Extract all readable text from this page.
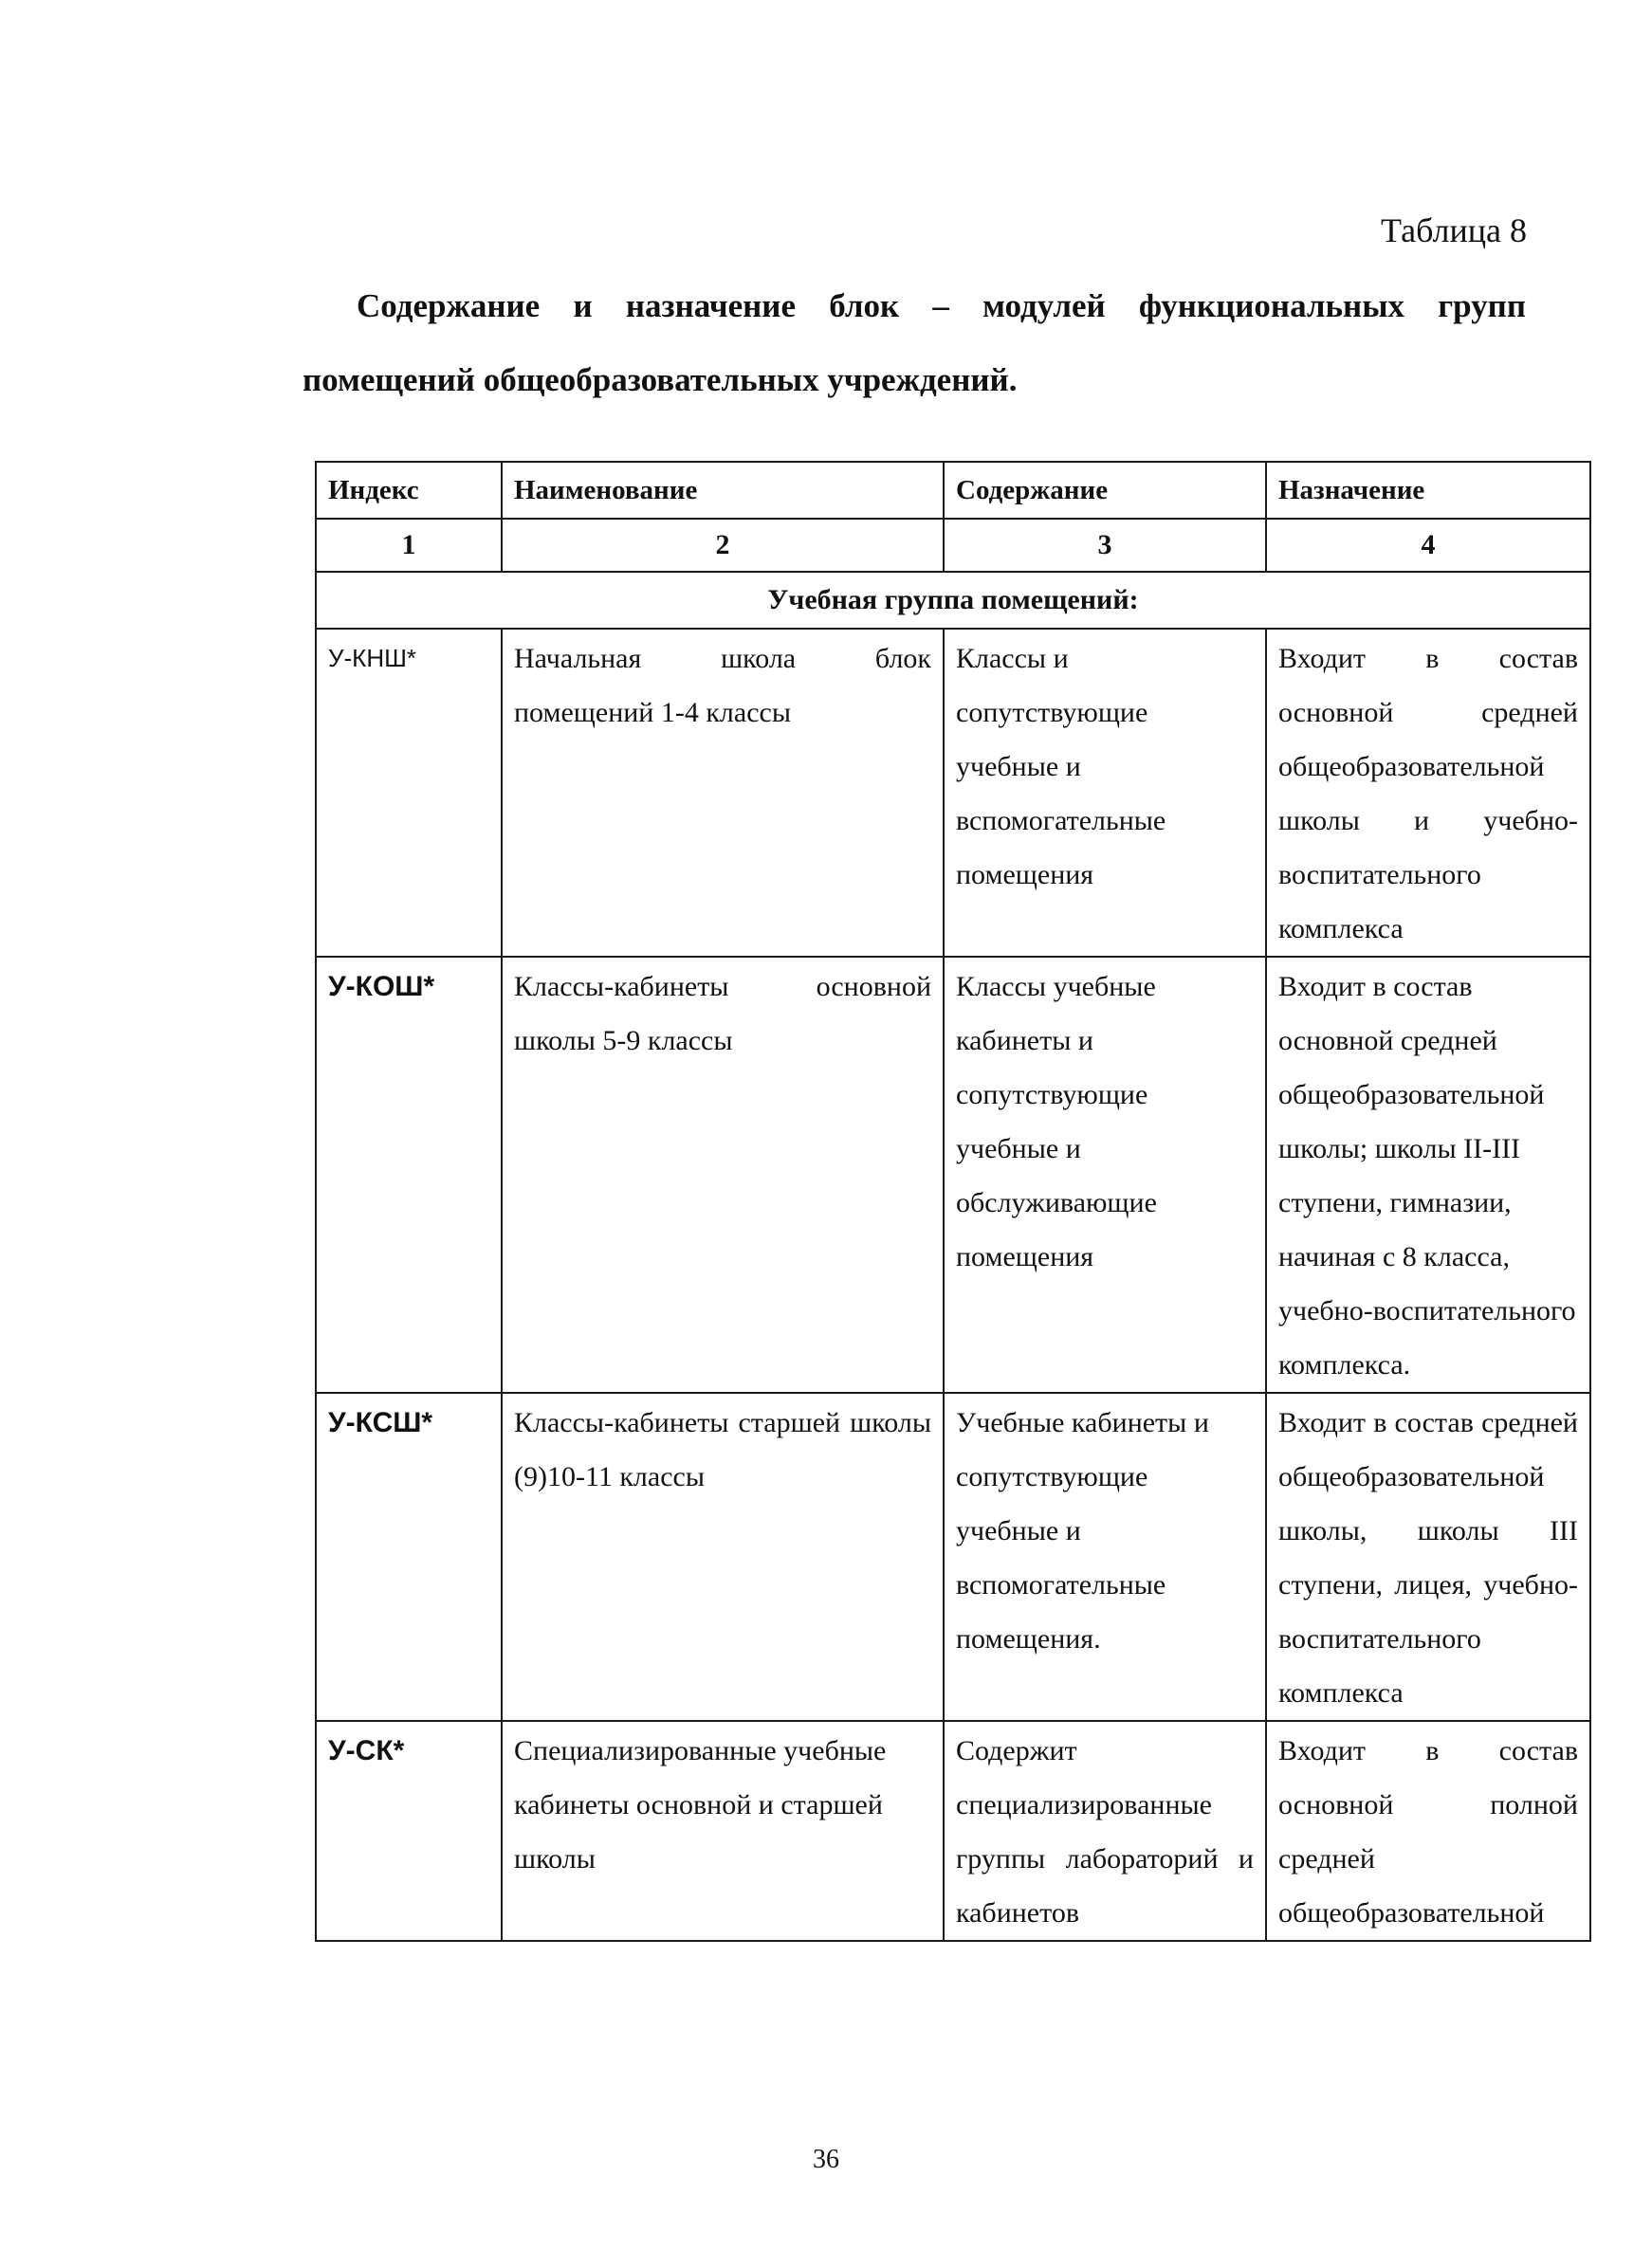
Таблица 8
Содержание и назначение блок – модулей функциональных групп помещений общеобразовательных учреждений.
Индекс	Наименование	Содержание	Назначение
1	2	3	4
Учебная группа помещений:			

У-КНШ*	Начальная школа блок помещений 1-4 классы	Классы и сопутствующие учебные и вспомогательные помещения	Входит в состав основной средней общеобразовательной школы и учебно-воспитательного комплекса

У-КОШ*	Классы-кабинеты основной школы 5-9 классы	Классы учебные кабинеты и сопутствующие учебные и обслуживающие помещения	Входит в состав основной средней общеобразовательной школы; школы II-III ступени, гимназии, начиная с 8 класса, учебно-воспитательного комплекса.

У-КСШ*	Классы-кабинеты старшей школы (9)10-11 классы	Учебные кабинеты и сопутствующие учебные и вспомогательные помещения.	Входит в состав средней общеобразовательной школы, школы III ступени, лицея, учебно-воспитательного комплекса

У-СК*	Специализированные учебные кабинеты основной и старшей школы	Содержит специализированные группы лабораторий и кабинетов	Входит в состав основной полной средней общеобразовательной
36
